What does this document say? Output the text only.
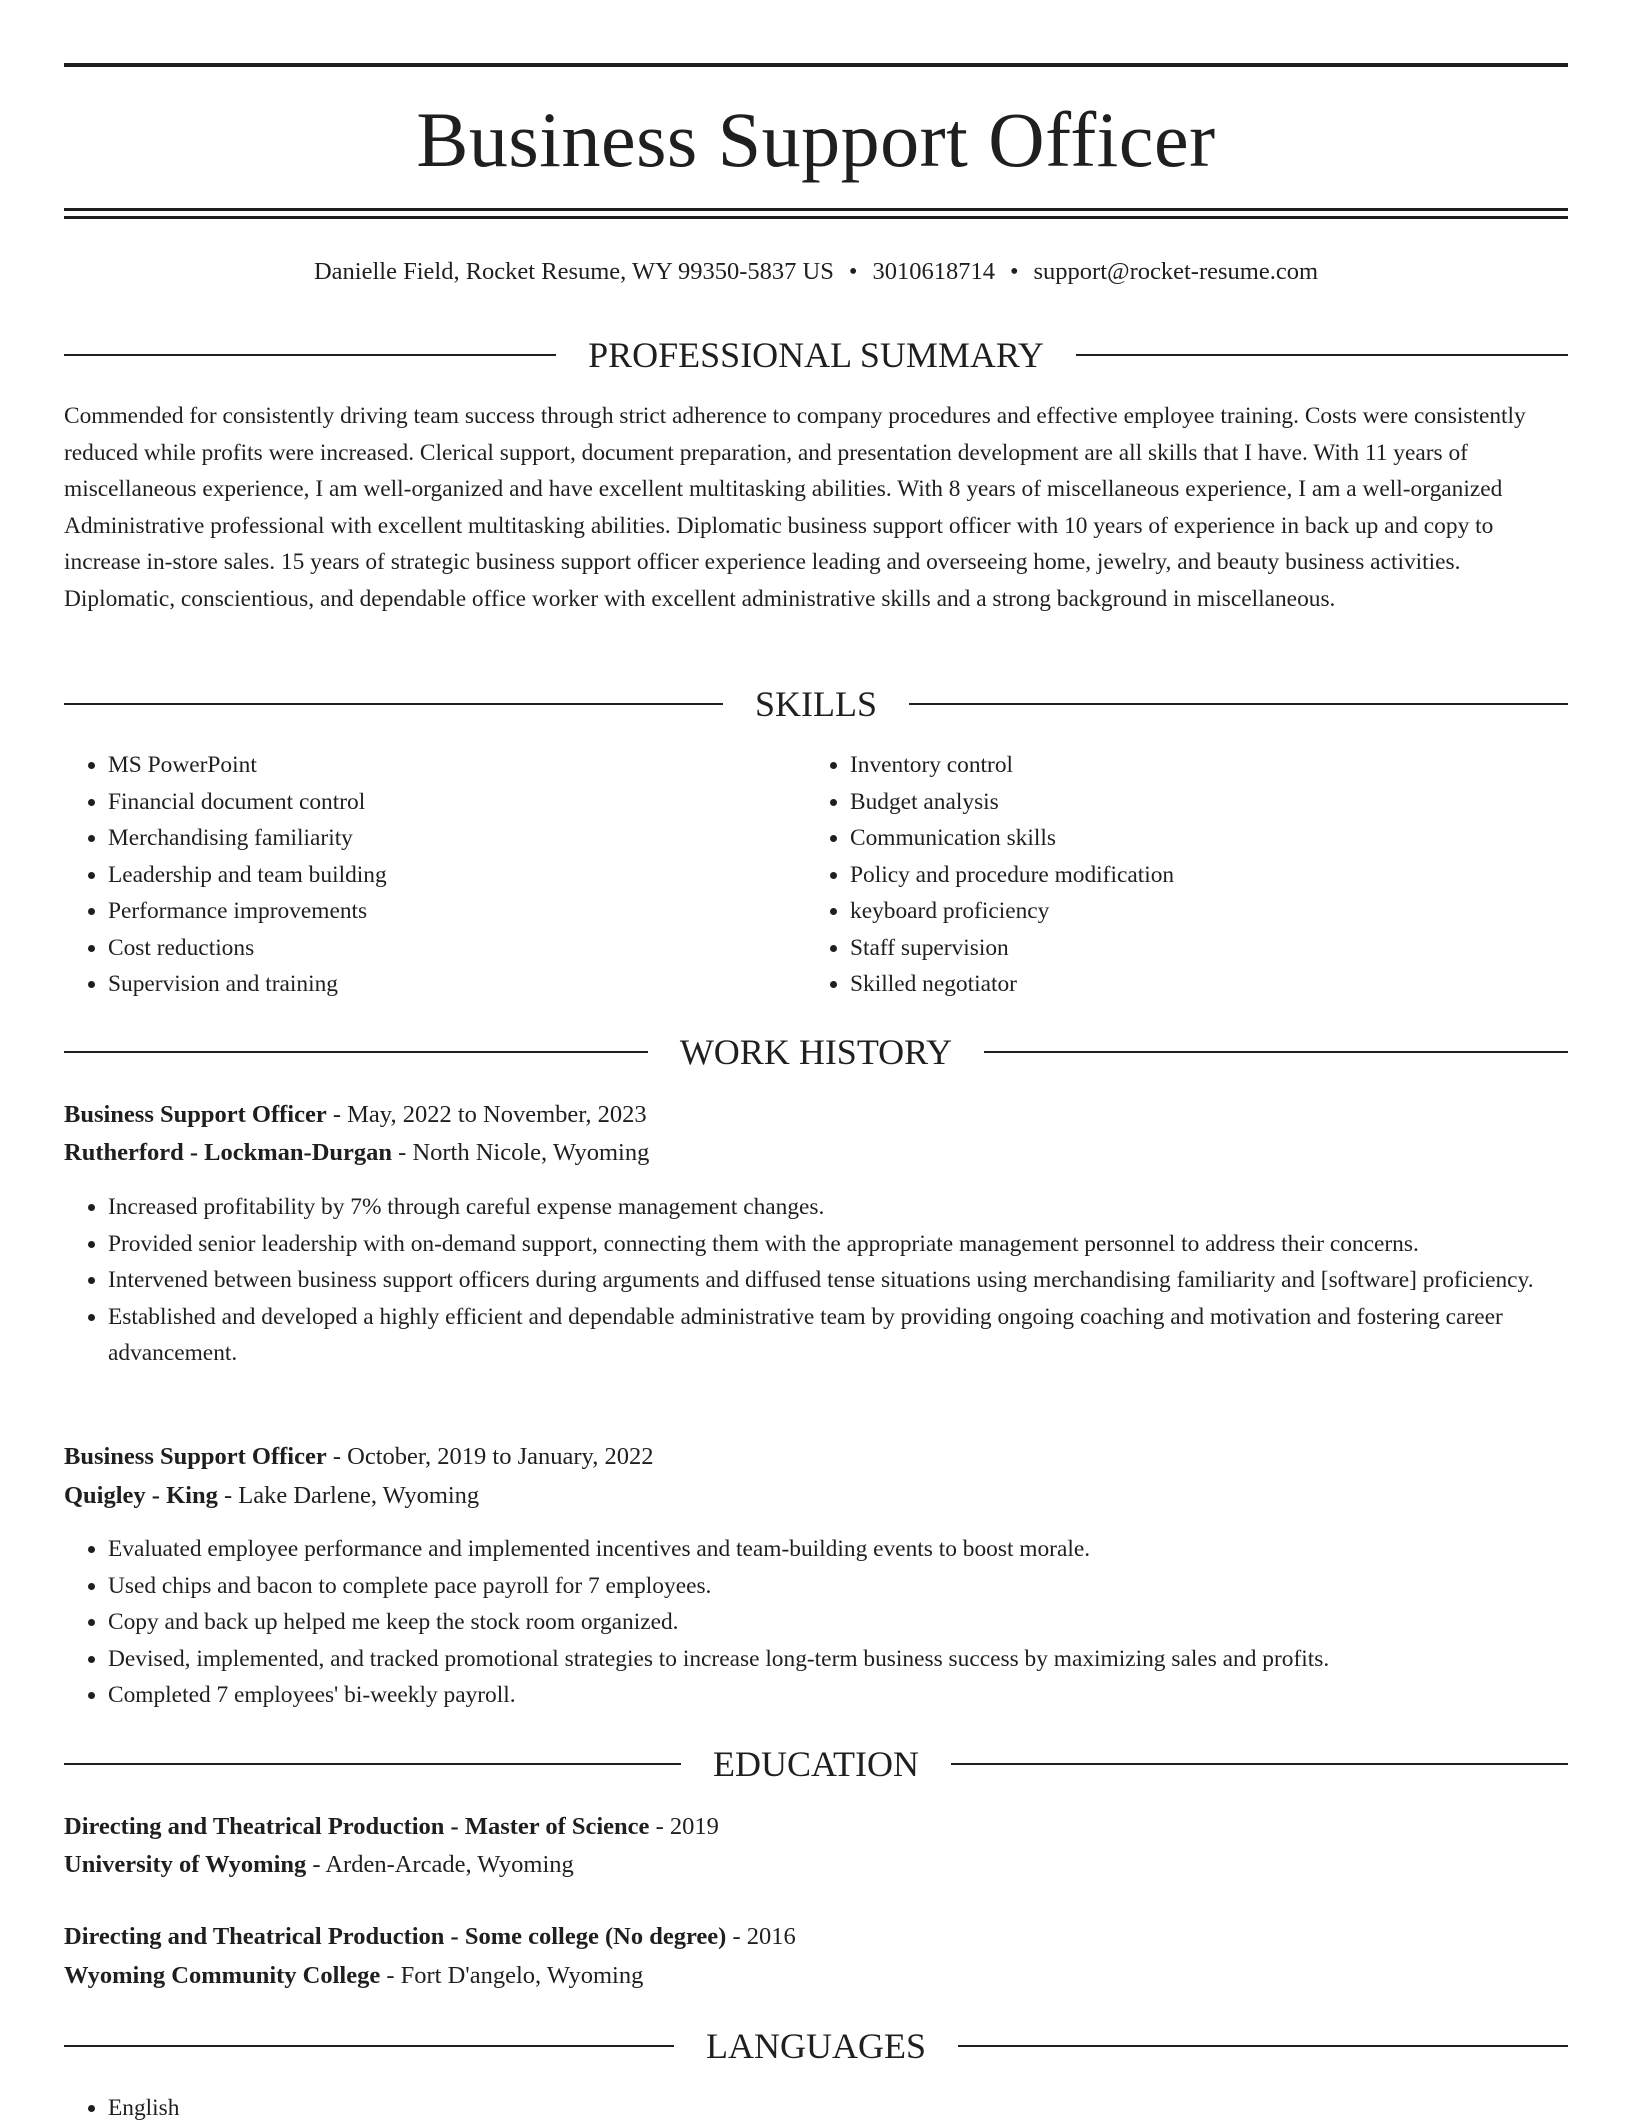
Business Support Officer
Danielle Field, Rocket Resume, WY 99350-5837 US • 3010618714 • support@rocket-resume.com
PROFESSIONAL SUMMARY

Commended for consistently driving team success through strict adherence to company procedures and effective employee training. Costs were consistently reduced while profits were increased. Clerical support, document preparation, and presentation development are all skills that I have. With 11 years of miscellaneous experience, I am well-organized and have excellent multitasking abilities. With 8 years of miscellaneous experience, I am a well-organized Administrative professional with excellent multitasking abilities. Diplomatic business support officer with 10 years of experience in back up and copy to increase in-store sales. 15 years of strategic business support officer experience leading and overseeing home, jewelry, and beauty business activities. Diplomatic, conscientious, and dependable office worker with excellent administrative skills and a strong background in miscellaneous.

SKILLS
• MS PowerPoint
• Financial document control
• Merchandising familiarity
• Leadership and team building
• Performance improvements
• Cost reductions
• Supervision and training
• Inventory control
• Budget analysis
• Communication skills
• Policy and procedure modification
• keyboard proficiency
• Staff supervision
• Skilled negotiator
WORK HISTORY
Business Support Officer - May, 2022 to November, 2023
Rutherford - Lockman-Durgan - North Nicole, Wyoming
• Increased profitability by 7% through careful expense management changes.
• Provided senior leadership with on-demand support, connecting them with the appropriate management personnel to address their concerns.
• Intervened between business support officers during arguments and diffused tense situations using merchandising familiarity and [software] proficiency.
• Established and developed a highly efficient and dependable administrative team by providing ongoing coaching and motivation and fostering career advancement.
Business Support Officer - October, 2019 to January, 2022
Quigley - King - Lake Darlene, Wyoming
• Evaluated employee performance and implemented incentives and team-building events to boost morale.
• Used chips and bacon to complete pace payroll for 7 employees.
• Copy and back up helped me keep the stock room organized.
• Devised, implemented, and tracked promotional strategies to increase long-term business success by maximizing sales and profits.
• Completed 7 employees' bi-weekly payroll.
EDUCATION
Directing and Theatrical Production - Master of Science - 2019
University of Wyoming - Arden-Arcade, Wyoming
Directing and Theatrical Production - Some college (No degree) - 2016
Wyoming Community College - Fort D'angelo, Wyoming
LANGUAGES
• English
